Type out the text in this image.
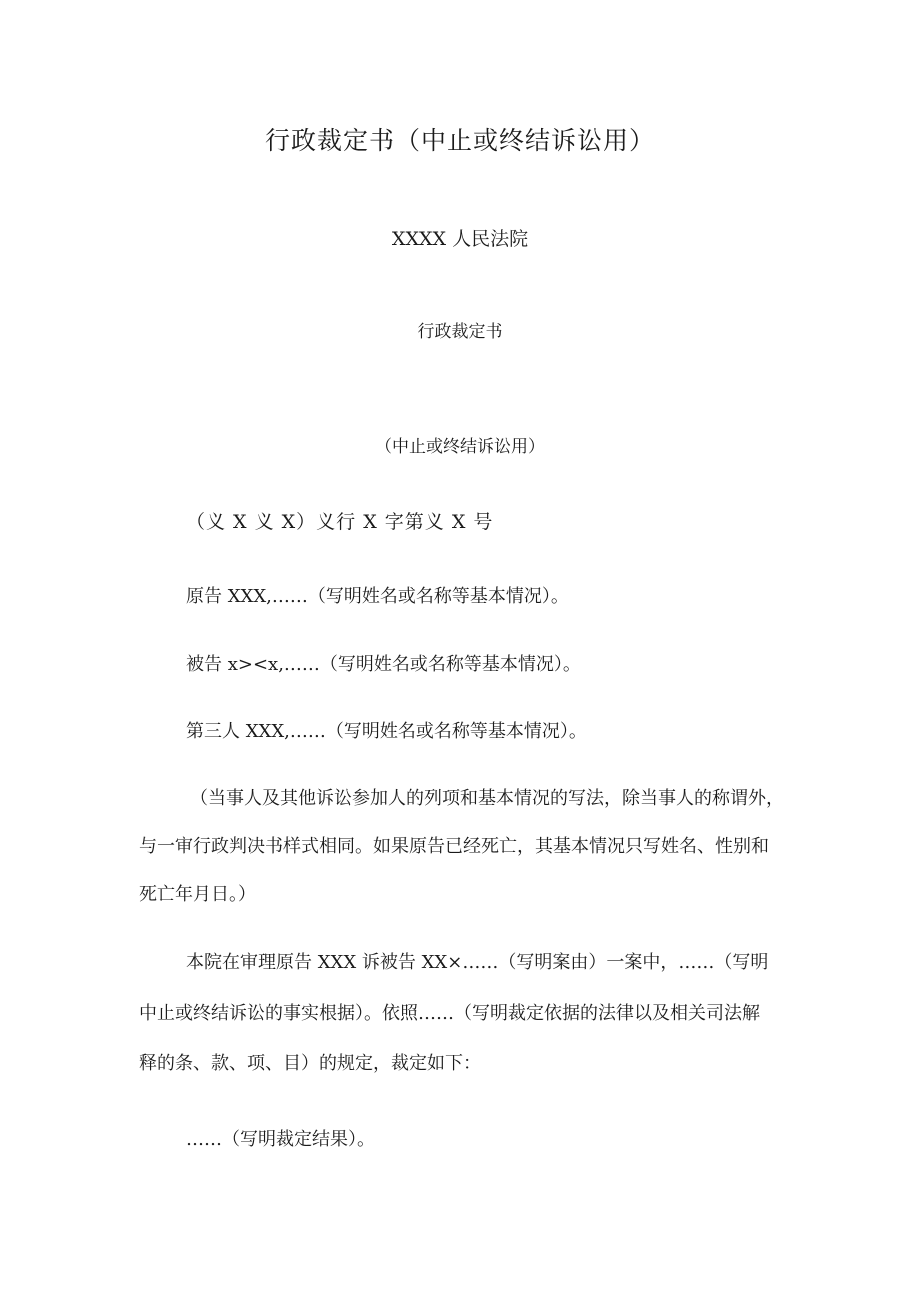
行政裁定书（中止或终结诉讼用）
XXXX 人民法院
行政裁定书
（中止或终结诉讼用）
（义 X 义 X）义行 X 字第义 X 号
原告 XXX,……（写明姓名或名称等基本情况）。
被告 x><x,……（写明姓名或名称等基本情况）。
第三人 XXX,……（写明姓名或名称等基本情况）。
（当事人及其他诉讼参加人的列项和基本情况的写法，除当事人的称谓外，
与一审行政判决书样式相同。如果原告已经死亡，其基本情况只写姓名、性别和
死亡年月日。）
本院在审理原告 XXX 诉被告 XX×……（写明案由）一案中，……（写明
中止或终结诉讼的事实根据）。依照……（写明裁定依据的法律以及相关司法解
释的条、款、项、目）的规定，裁定如下：
……（写明裁定结果）。
